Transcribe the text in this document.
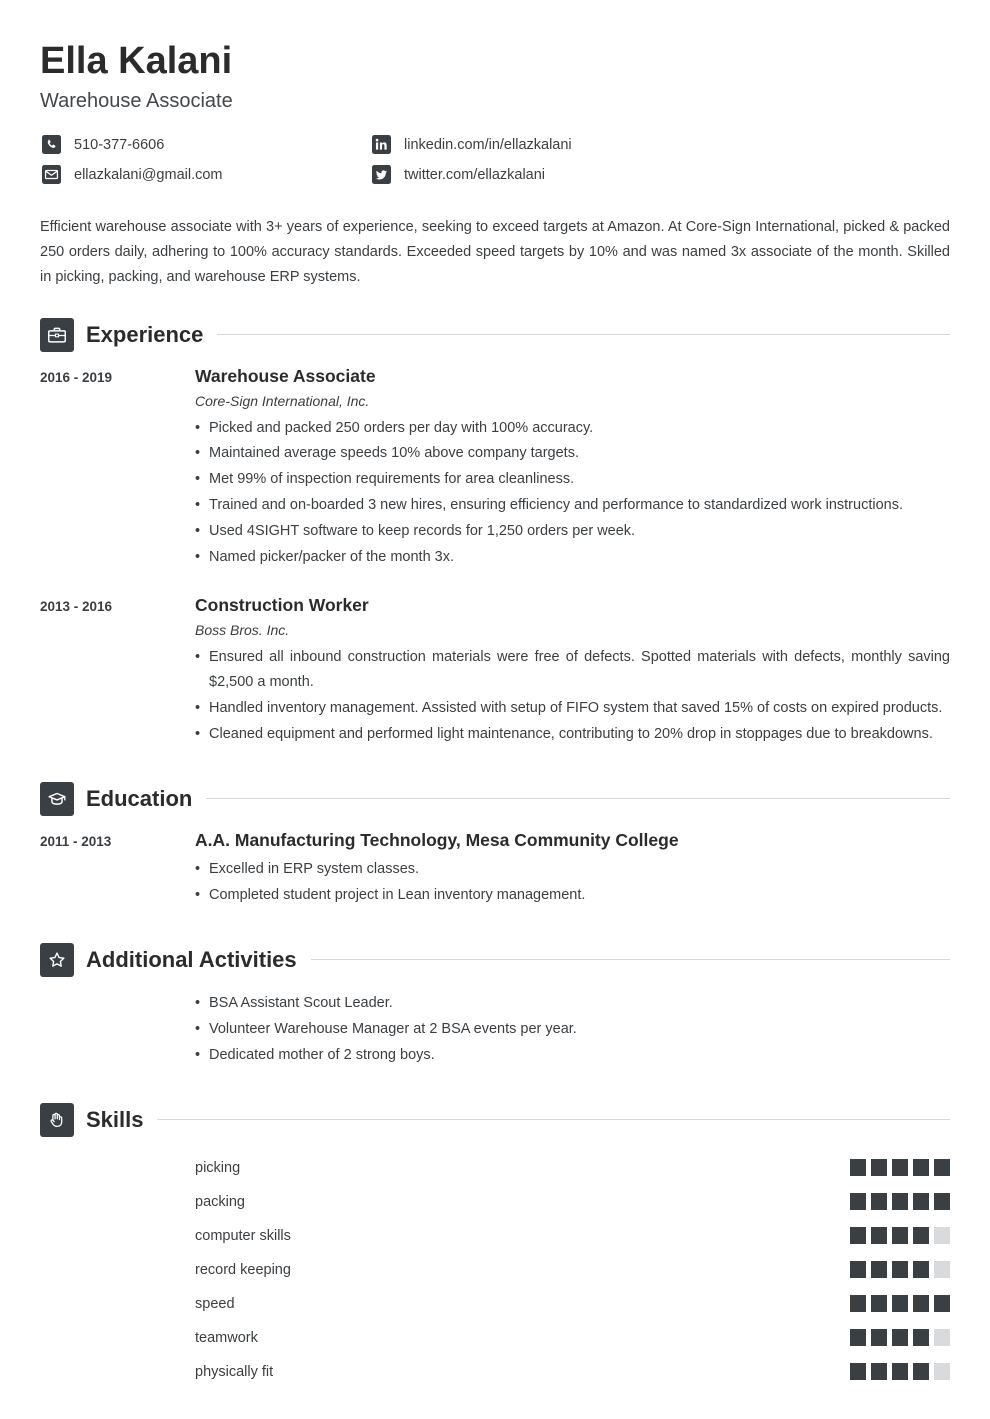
Ella Kalani
Warehouse Associate
510-377-6606	linkedin.com/in/ellazkalani
ellazkalani@gmail.com	twitter.com/ellazkalani
Efficient warehouse associate with 3+ years of experience, seeking to exceed targets at Amazon. At Core-Sign International, picked & packed 250 orders daily, adhering to 100% accuracy standards. Exceeded speed targets by 10% and was named 3x associate of the month. Skilled in picking, packing, and warehouse ERP systems.
Experience
2016 - 2019	Warehouse Associate
Core-Sign International, Inc.
• Picked and packed 250 orders per day with 100% accuracy.
• Maintained average speeds 10% above company targets.
• Met 99% of inspection requirements for area cleanliness.
• Trained and on-boarded 3 new hires, ensuring efficiency and performance to standardized work instructions.
• Used 4SIGHT software to keep records for 1,250 orders per week.
• Named picker/packer of the month 3x.
2013 - 2016	Construction Worker
Boss Bros. Inc.
• Ensured all inbound construction materials were free of defects. Spotted materials with defects, monthly saving $2,500 a month.
• Handled inventory management. Assisted with setup of FIFO system that saved 15% of costs on expired products.
• Cleaned equipment and performed light maintenance, contributing to 20% drop in stoppages due to breakdowns.
Education
2011 - 2013	A.A. Manufacturing Technology, Mesa Community College
• Excelled in ERP system classes.
• Completed student project in Lean inventory management.
Additional Activities
• BSA Assistant Scout Leader.
• Volunteer Warehouse Manager at 2 BSA events per year.
• Dedicated mother of 2 strong boys.
Skills
picking
packing
computer skills
record keeping
speed
teamwork
physically fit
